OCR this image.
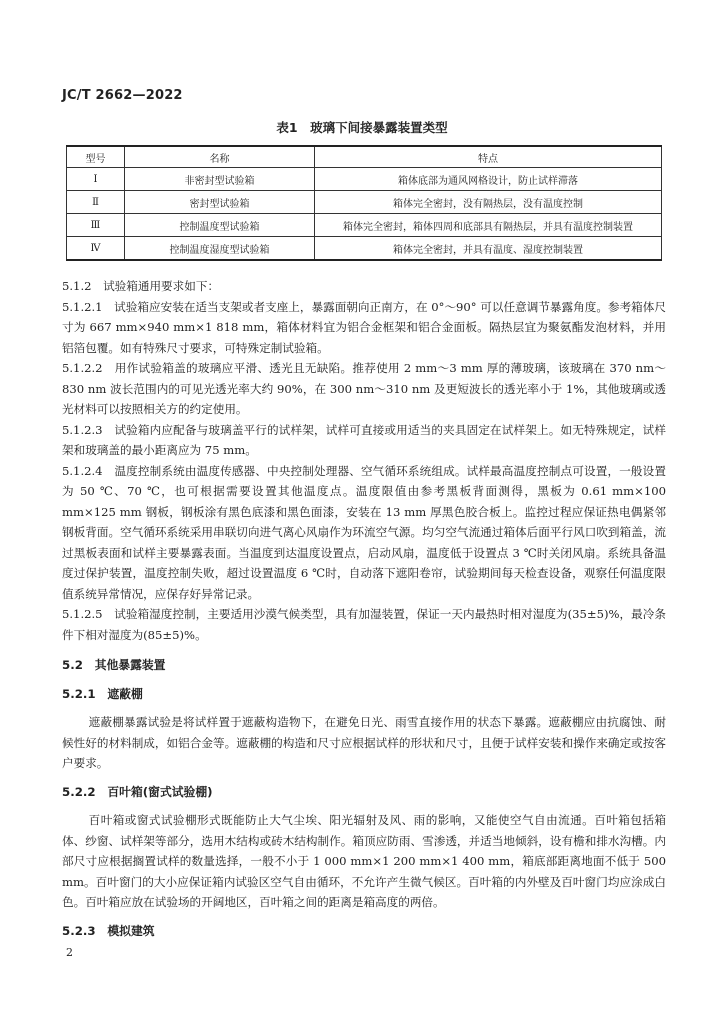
JC/T 2662—2022
表1　玻璃下间接暴露装置类型
型号	名称	特点
Ⅰ	非密封型试验箱	箱体底部为通风网格设计，防止试样滞落
Ⅱ	密封型试验箱	箱体完全密封，没有隔热层，没有温度控制
Ⅲ	控制温度型试验箱	箱体完全密封，箱体四周和底部具有隔热层，并具有温度控制装置
Ⅳ	控制温度湿度型试验箱	箱体完全密封，并具有温度、湿度控制装置

5.1.2　试验箱通用要求如下：

5.1.2.1　试验箱应安装在适当支架或者支座上，暴露面朝向正南方，在 0°～90° 可以任意调节暴露角度。参考箱体尺寸为 667 mm×940 mm×1 818 mm，箱体材料宜为铝合金框架和铝合金面板。隔热层宜为聚氨酯发泡材料，并用铝箔包覆。如有特殊尺寸要求，可特殊定制试验箱。

5.1.2.2　用作试验箱盖的玻璃应平滑、透光且无缺陷。推荐使用 2 mm～3 mm 厚的薄玻璃，该玻璃在 370 nm～830 nm 波长范围内的可见光透光率大约 90%，在 300 nm～310 nm 及更短波长的透光率小于 1%，其他玻璃或透光材料可以按照相关方的约定使用。

5.1.2.3　试验箱内应配备与玻璃盖平行的试样架，试样可直接或用适当的夹具固定在试样架上。如无特殊规定，试样架和玻璃盖的最小距离应为 75 mm。

5.1.2.4　温度控制系统由温度传感器、中央控制处理器、空气循环系统组成。试样最高温度控制点可设置，一般设置为 50 ℃、70 ℃，也可根据需要设置其他温度点。温度限值由参考黑板背面测得，黑板为 0.61 mm×100 mm×125 mm 钢板，钢板涂有黑色底漆和黑色面漆，安装在 13 mm 厚黑色胶合板上。监控过程应保证热电偶紧邻钢板背面。空气循环系统采用串联切向进气离心风扇作为环流空气源。均匀空气流通过箱体后面平行风口吹到箱盖，流过黑板表面和试样主要暴露表面。当温度到达温度设置点，启动风扇，温度低于设置点 3 ℃时关闭风扇。系统具备温度过保护装置，温度控制失败，超过设置温度 6 ℃时，自动落下遮阳卷帘，试验期间每天检查设备，观察任何温度限值系统异常情况，应保存好异常记录。

5.1.2.5　试验箱湿度控制，主要适用沙漠气候类型，具有加湿装置，保证一天内最热时相对湿度为(35±5)%，最冷条件下相对湿度为(85±5)%。

5.2　其他暴露装置

5.2.1　遮蔽棚

遮蔽棚暴露试验是将试样置于遮蔽构造物下，在避免日光、雨雪直接作用的状态下暴露。遮蔽棚应由抗腐蚀、耐候性好的材料制成，如铝合金等。遮蔽棚的构造和尺寸应根据试样的形状和尺寸，且便于试样安装和操作来确定或按客户要求。

5.2.2　百叶箱(窗式试验棚)

百叶箱或窗式试验棚形式既能防止大气尘埃、阳光辐射及风、雨的影响，又能使空气自由流通。百叶箱包括箱体、纱窗、试样架等部分，选用木结构或砖木结构制作。箱顶应防雨、雪渗透，并适当地倾斜，设有檐和排水沟槽。内部尺寸应根据搁置试样的数量选择，一般不小于 1 000 mm×1 200 mm×1 400 mm，箱底部距离地面不低于 500 mm。百叶窗门的大小应保证箱内试验区空气自由循环，不允许产生微气候区。百叶箱的内外壁及百叶窗门均应涂成白色。百叶箱应放在试验场的开阔地区，百叶箱之间的距离是箱高度的两倍。

5.2.3　模拟建筑

2
